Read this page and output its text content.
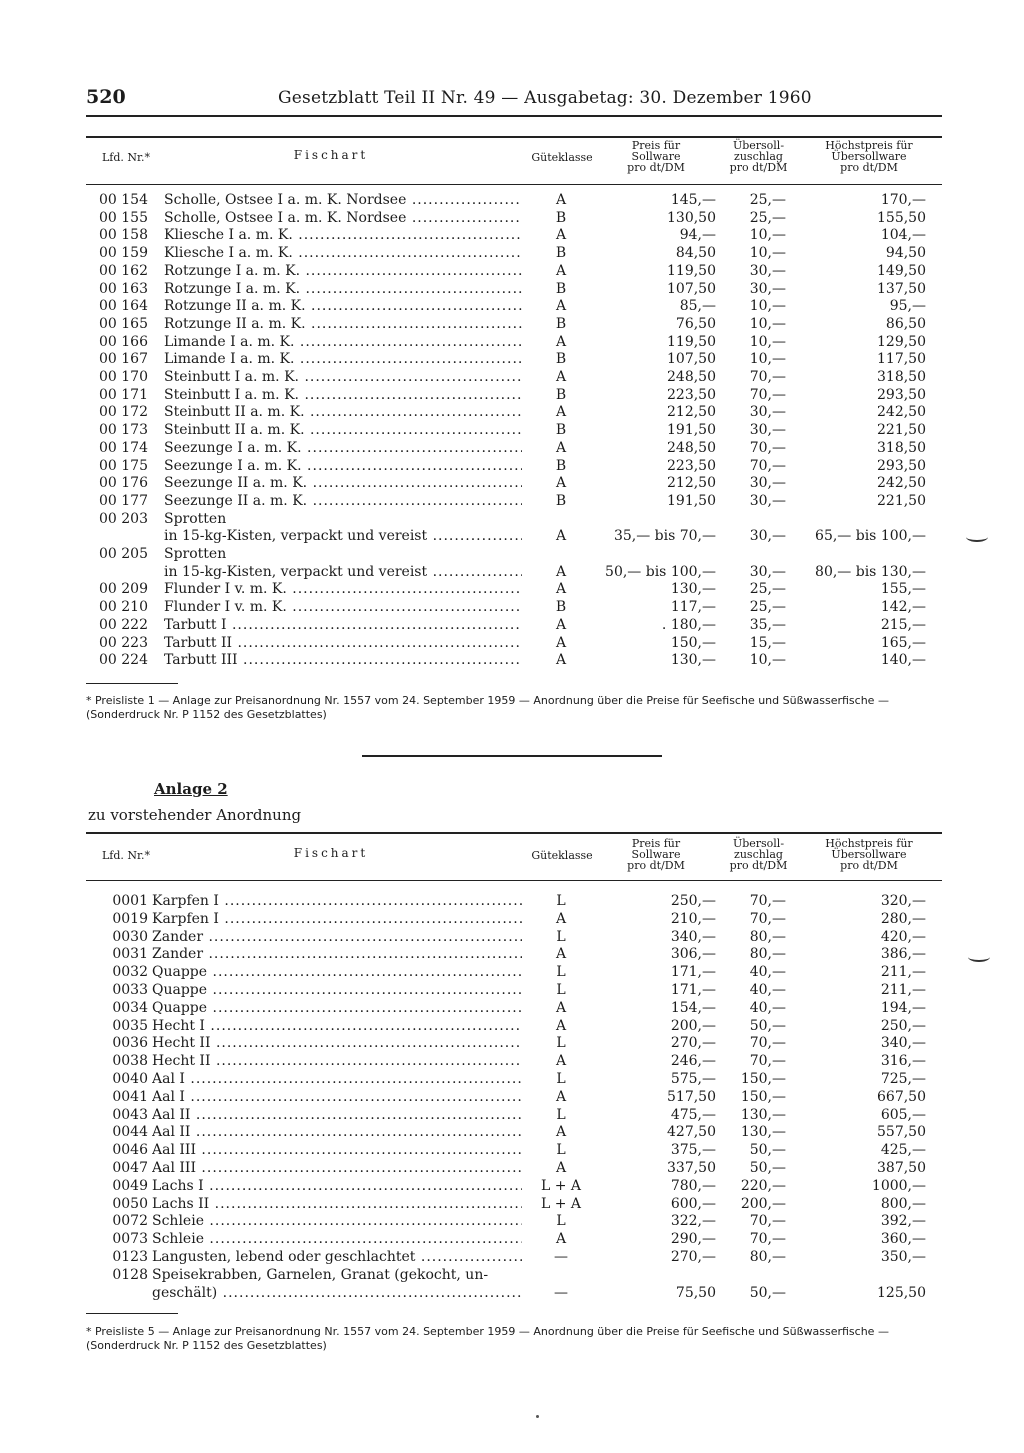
520	Gesetzblatt Teil II Nr. 49 — Ausgabetag: 30. Dezember 1960
Lfd. Nr.*	Fischart	Güteklasse
Preis für
Sollware
pro dt/DM
Übersoll-
zuschlag
pro dt/DM
Höchstpreis für
Übersollware
pro dt/DM
00 154 Scholle, Ostsee I a. m. K. Nordsee .....	A	145,—	25,—	170,—
00 155 Scholle, Ostsee I a. m. K. Nordsee .....	B	130,50	25,—	155,50
00 158 Kliesche I a. m. K. .....	A	94,—	10,—	104,—
00 159 Kliesche I a. m. K. .....	B	84,50	10,—	94,50
00 162 Rotzunge I a. m. K. .....	A	119,50	30,—	149,50
00 163 Rotzunge I a. m. K. .....	B	107,50	30,—	137,50
00 164 Rotzunge II a. m. K. .....	A	85,—	10,—	95,—
00 165 Rotzunge II a. m. K. .....	B	76,50	10,—	86,50
00 166 Limande I a. m. K. .....	A	119,50	10,—	129,50
00 167 Limande I a. m. K. .....	B	107,50	10,—	117,50
00 170 Steinbutt I a. m. K. .....	A	248,50	70,—	318,50
00 171 Steinbutt I a. m. K. .....	B	223,50	70,—	293,50
00 172 Steinbutt II a. m. K. .....	A	212,50	30,—	242,50
00 173 Steinbutt II a. m. K. .....	B	191,50	30,—	221,50
00 174 Seezunge I a. m. K. .....	A	248,50	70,—	318,50
00 175 Seezunge I a. m. K. .....	B	223,50	70,—	293,50
00 176 Seezunge II a. m. K. .....	A	212,50	30,—	242,50
00 177 Seezunge II a. m. K. .....	B	191,50	30,—	221,50
00 203 Sprotten
in 15-kg-Kisten, verpackt und vereist .....	A	35,— bis 70,—	30,—	65,— bis 100,—
00 205 Sprotten
in 15-kg-Kisten, verpackt und vereist .....	A	50,— bis 100,—	30,—	80,— bis 130,—
00 209 Flunder I v. m. K. .....	A	130,—	25,—	155,—
00 210 Flunder I v. m. K. .....	B	117,—	25,—	142,—
00 222 Tarbutt I .....	A	. 180,—	35,—	215,—
00 223 Tarbutt II .....	A	150,—	15,—	165,—
00 224 Tarbutt III .....	A	130,—	10,—	140,—
* Preisliste 1 — Anlage zur Preisanordnung Nr. 1557 vom 24. September 1959 — Anordnung über die Preise für Seefische und Süßwasserfische — (Sonderdruck Nr. P 1152 des Gesetzblattes)
Anlage 2
zu vorstehender Anordnung
Lfd. Nr.*	Fischart	Güteklasse
Preis für
Sollware
pro dt/DM
Übersoll-
zuschlag
pro dt/DM
Höchstpreis für
Übersollware
pro dt/DM
0001 Karpfen I .....	L	250,—	70,—	320,—
0019 Karpfen I .....	A	210,—	70,—	280,—
0030 Zander .....	L	340,—	80,—	420,—
0031 Zander .....	A	306,—	80,—	386,—
0032 Quappe .....	L	171,—	40,—	211,—
0033 Quappe .....	L	171,—	40,—	211,—
0034 Quappe .....	A	154,—	40,—	194,—
0035 Hecht I .....	A	200,—	50,—	250,—
0036 Hecht II .....	L	270,—	70,—	340,—
0038 Hecht II .....	A	246,—	70,—	316,—
0040 Aal I .....	L	575,—	150,—	725,—
0041 Aal I .....	A	517,50	150,—	667,50
0043 Aal II .....	L	475,—	130,—	605,—
0044 Aal II .....	A	427,50	130,—	557,50
0046 Aal III .....	L	375,—	50,—	425,—
0047 Aal III .....	A	337,50	50,—	387,50
0049 Lachs I .....	L + A	780,—	220,—	1000,—
0050 Lachs II .....	L + A	600,—	200,—	800,—
0072 Schleie .....	L	322,—	70,—	392,—
0073 Schleie .....	A	290,—	70,—	360,—
0123 Langusten, lebend oder geschlachtet .....	—	270,—	80,—	350,—
0128 Speisekrabben, Garnelen, Granat (gekocht, un-
geschält) .....	—	75,50	50,—	125,50
* Preisliste 5 — Anlage zur Preisanordnung Nr. 1557 vom 24. September 1959 — Anordnung über die Preise für Seefische und Süßwasserfische — (Sonderdruck Nr. P 1152 des Gesetzblattes)
